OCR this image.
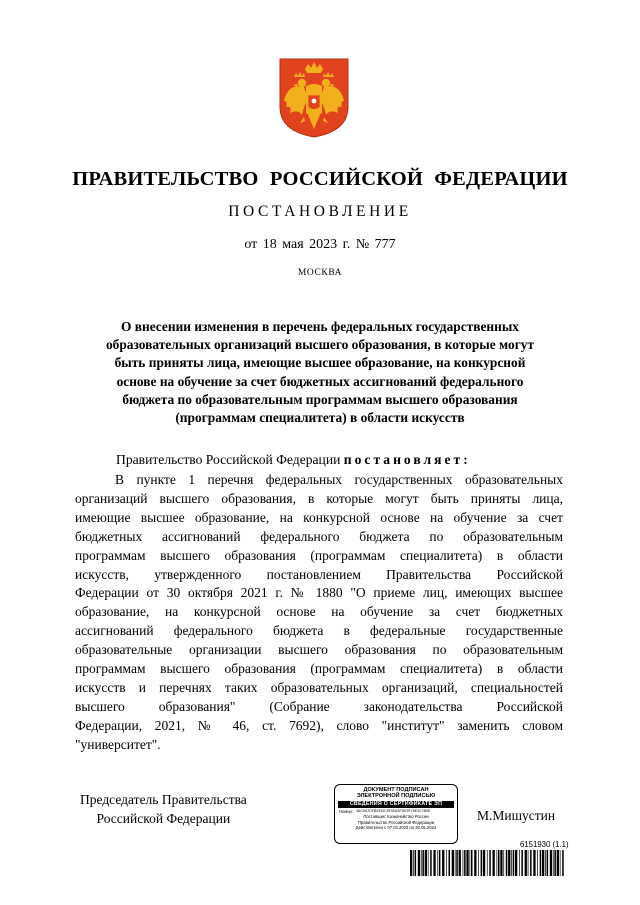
ПРАВИТЕЛЬСТВО РОССИЙСКОЙ ФЕДЕРАЦИИ
ПОСТАНОВЛЕНИЕ
от 18 мая 2023 г. № 777
МОСКВА
О внесении изменения в перечень федеральных государственных
образовательных организаций высшего образования, в которые могут
быть приняты лица, имеющие высшее образование, на конкурсной
основе на обучение за счет бюджетных ассигнований федерального
бюджета по образовательным программам высшего образования
(программам специалитета) в области искусств
Правительство Российской Федерации постановляет:
В пункте 1 перечня федеральных государственных образовательных
организаций высшего образования, в которые могут быть приняты лица,
имеющие высшее образование, на конкурсной основе на обучение за счет
бюджетных ассигнований федерального бюджета по образовательным
программам высшего образования (программам специалитета) в области
искусств, утвержденного постановлением Правительства Российской
Федерации от 30 октября 2021 г. № 1880 "О приеме лиц, имеющих высшее
образование, на конкурсной основе на обучение за счет бюджетных
ассигнований федерального бюджета в федеральные государственные
образовательные организации высшего образования по образовательным
программам высшего образования (программам специалитета) в области
искусств и перечнях таких образовательных организаций, специальностей
высшего образования" (Собрание законодательства Российской
Федерации, 2021, № 46, ст. 7692), слово "институт" заменить словом
"университет".
Председатель Правительства
Российской Федерации
ДОКУМЕНТ ПОДПИСАН
ЭЛЕКТРОННОЙ ПОДПИСЬЮ
СВЕДЕНИЯ О СЕРТИФИКАТЕ ЭП
Номер: 3AC5A7DFB0932C5F5D63FDE9F78E3C7B0E
Поставщик: Казначейство России
Правительство Российской Федерации
Действителен с 07.03.2023 по 30.05.2024
М.Мишустин
6151930 (1.1)
